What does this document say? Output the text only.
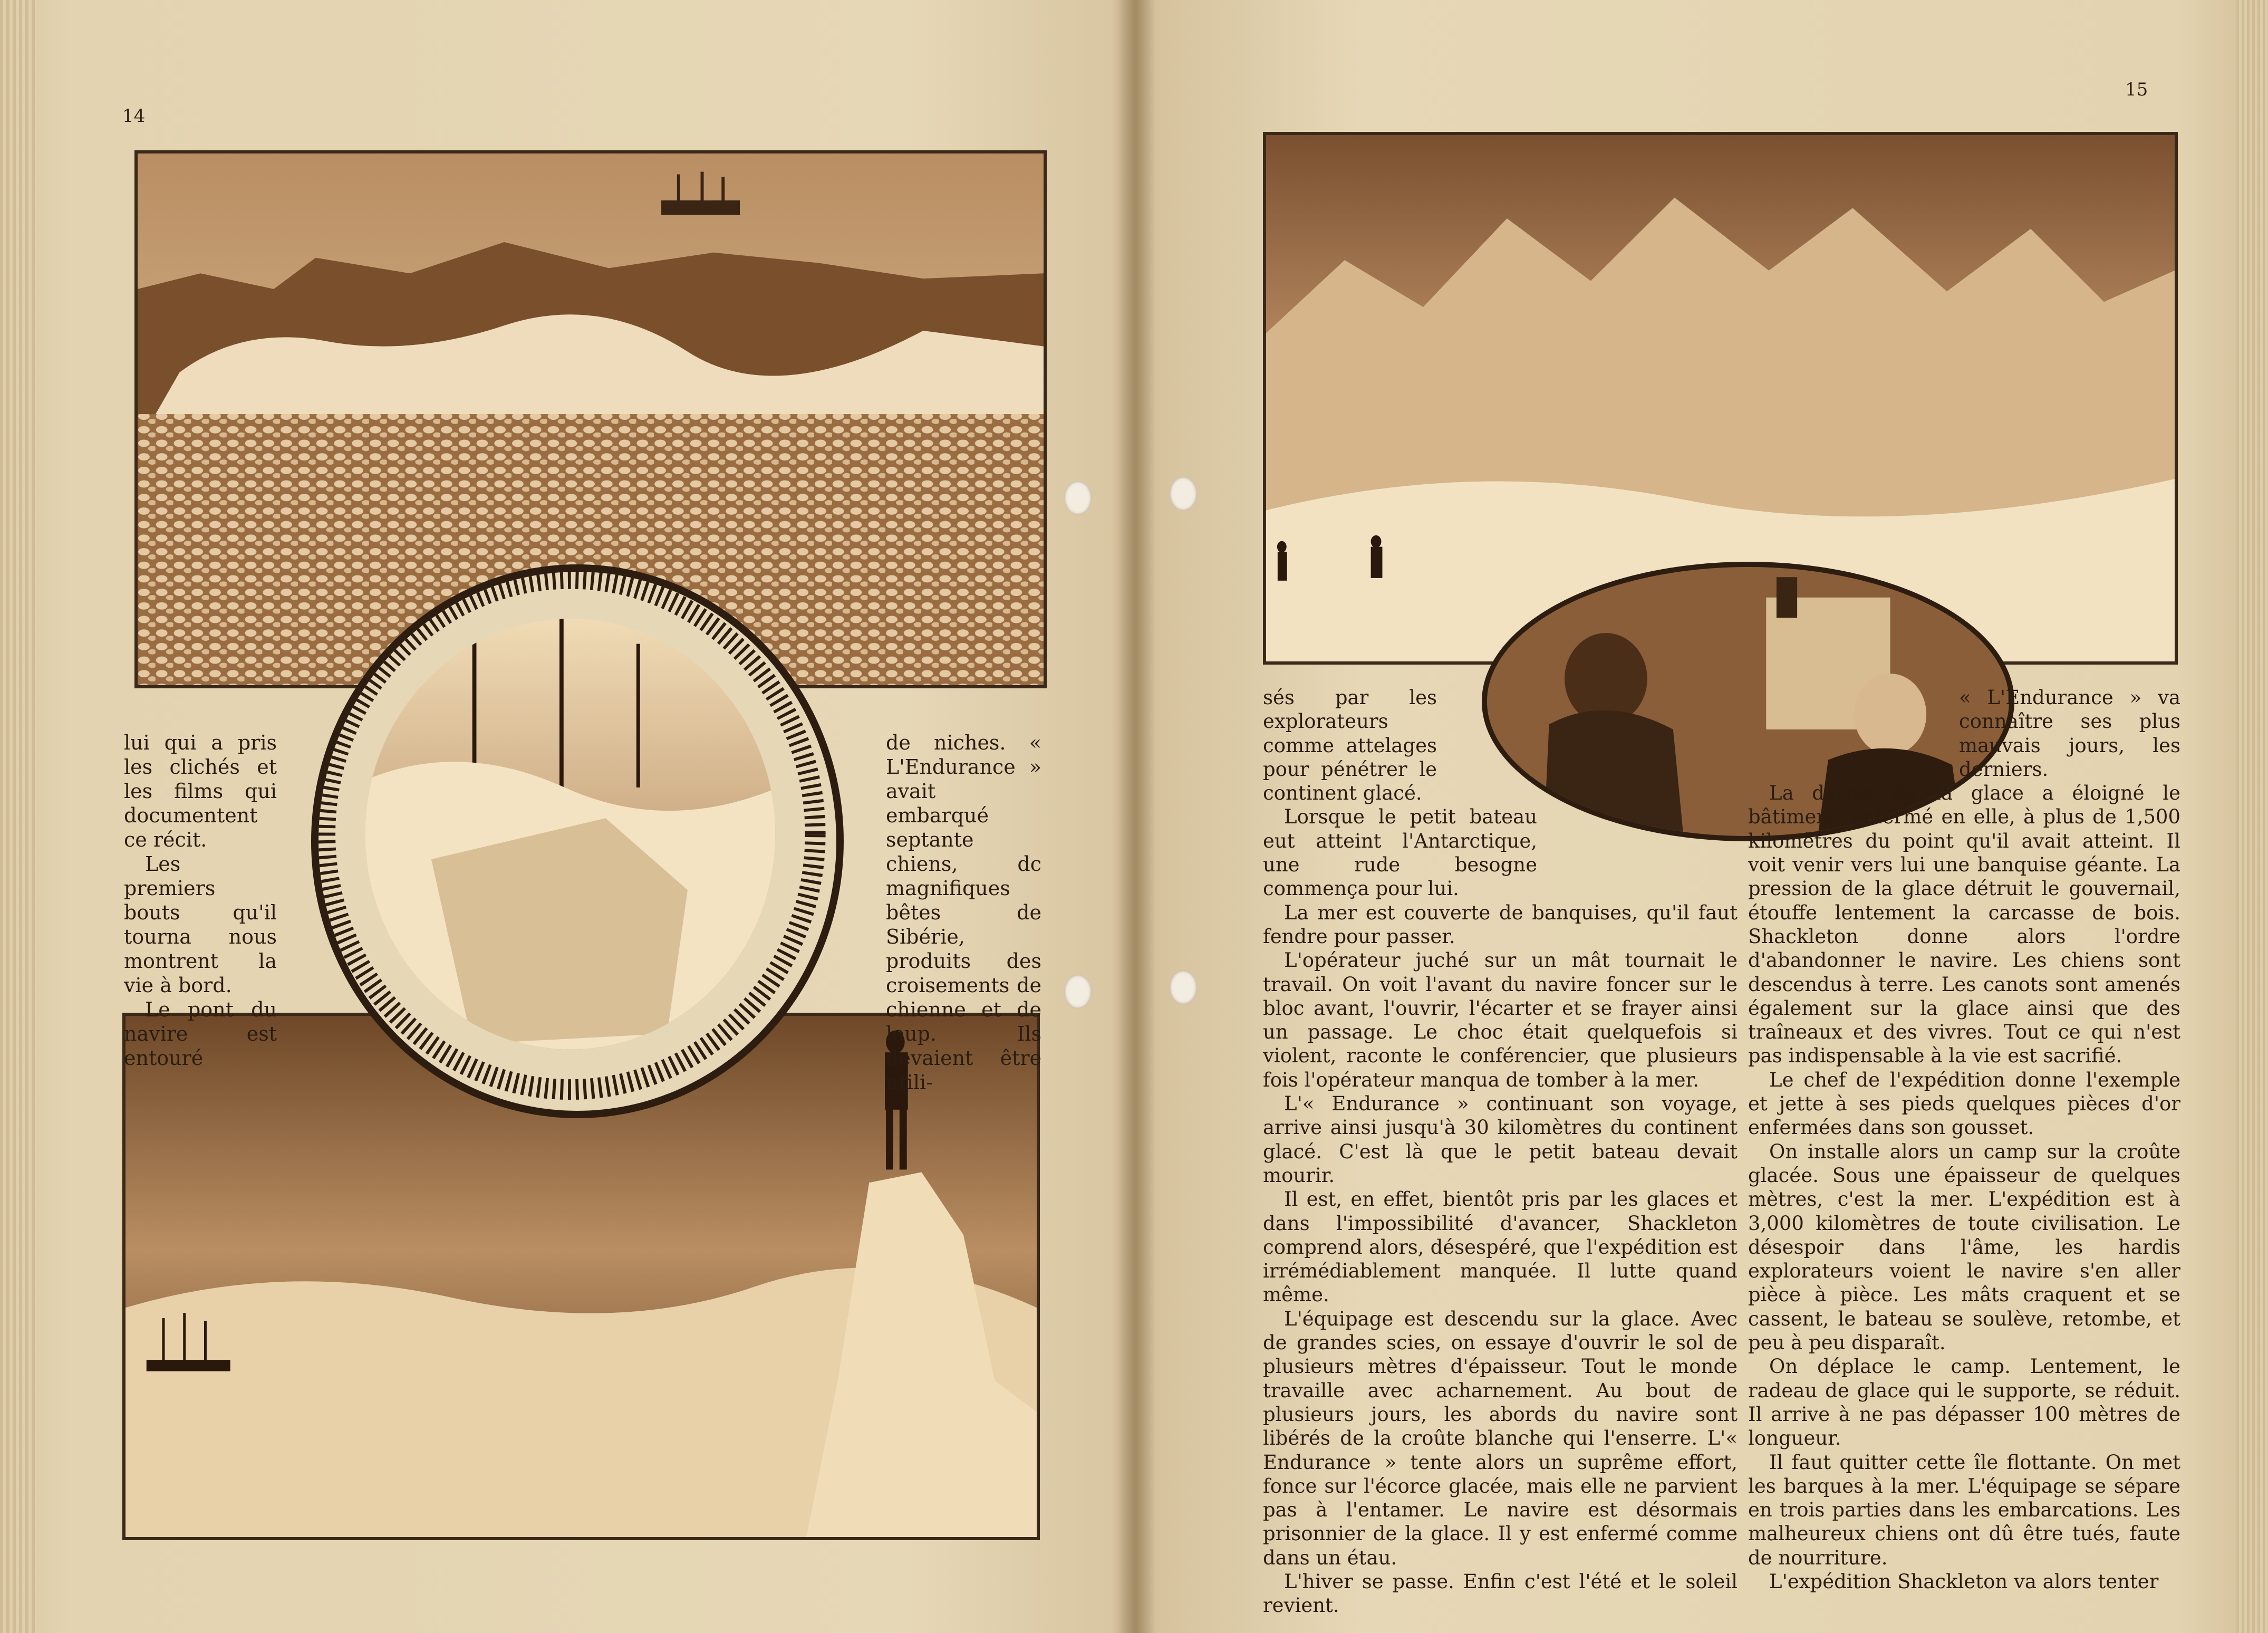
14

lui qui a pris les clichés et les films qui documentent ce récit.

Les premiers bouts qu'il tourna nous montrent la vie à bord.

Le pont du navire est entouré

de niches. « L'Endurance » avait embarqué septante chiens, dc magnifiques bêtes de Sibérie, produits des croisements de chienne et de loup. Ils devaient être utili-

15

sés par les explorateurs comme attelages pour pénétrer le continent glacé.

Lorsque le petit bateau eut atteint l'Antarctique, une rude besogne commença pour lui.

La mer est couverte de banquises, qu'il faut fendre pour passer.

L'opérateur juché sur un mât tournait le travail. On voit l'avant du navire foncer sur le bloc avant, l'ouvrir, l'écarter et se frayer ainsi un passage. Le choc était quelquefois si violent, raconte le conférencier, que plusieurs fois l'opérateur manqua de tomber à la mer.

L'« Endurance » continuant son voyage, arrive ainsi jusqu'à 30 kilomètres du continent glacé. C'est là que le petit bateau devait mourir.

Il est, en effet, bientôt pris par les glaces et dans l'impossibilité d'avancer, Shackleton comprend alors, désespéré, que l'expédition est irrémédiablement manquée. Il lutte quand même.

L'équipage est descendu sur la glace. Avec de grandes scies, on essaye d'ouvrir le sol de plusieurs mètres d'épaisseur. Tout le monde travaille avec acharnement. Au bout de plusieurs jours, les abords du navire sont libérés de la croûte blanche qui l'enserre. L'« Endurance » tente alors un suprême effort, fonce sur l'écorce glacée, mais elle ne parvient pas à l'entamer. Le navire est désormais prisonnier de la glace. Il y est enfermé comme dans un étau.

L'hiver se passe. Enfin c'est l'été et le soleil revient.

« L'Endurance » va connaître ses plus mauvais jours, les derniers.

La dérive de la glace a éloigné le bâtiment, enfermé en elle, à plus de 1,500 kilomètres du point qu'il avait atteint. Il voit venir vers lui une banquise géante. La pression de la glace détruit le gouvernail, étouffe lentement la carcasse de bois. Shackleton donne alors l'ordre d'abandonner le navire. Les chiens sont descendus à terre. Les canots sont amenés également sur la glace ainsi que des traîneaux et des vivres. Tout ce qui n'est pas indispensable à la vie est sacrifié.

Le chef de l'expédition donne l'exemple et jette à ses pieds quelques pièces d'or enfermées dans son gousset.

On installe alors un camp sur la croûte glacée. Sous une épaisseur de quelques mètres, c'est la mer. L'expédition est à 3,000 kilomètres de toute civilisation. Le désespoir dans l'âme, les hardis explorateurs voient le navire s'en aller pièce à pièce. Les mâts craquent et se cassent, le bateau se soulève, retombe, et peu à peu disparaît.

On déplace le camp. Lentement, le radeau de glace qui le supporte, se réduit. Il arrive à ne pas dépasser 100 mètres de longueur.

Il faut quitter cette île flottante. On met les barques à la mer. L'équipage se sépare en trois parties dans les embarcations. Les malheureux chiens ont dû être tués, faute de nourriture.

L'expédition Shackleton va alors tenter
